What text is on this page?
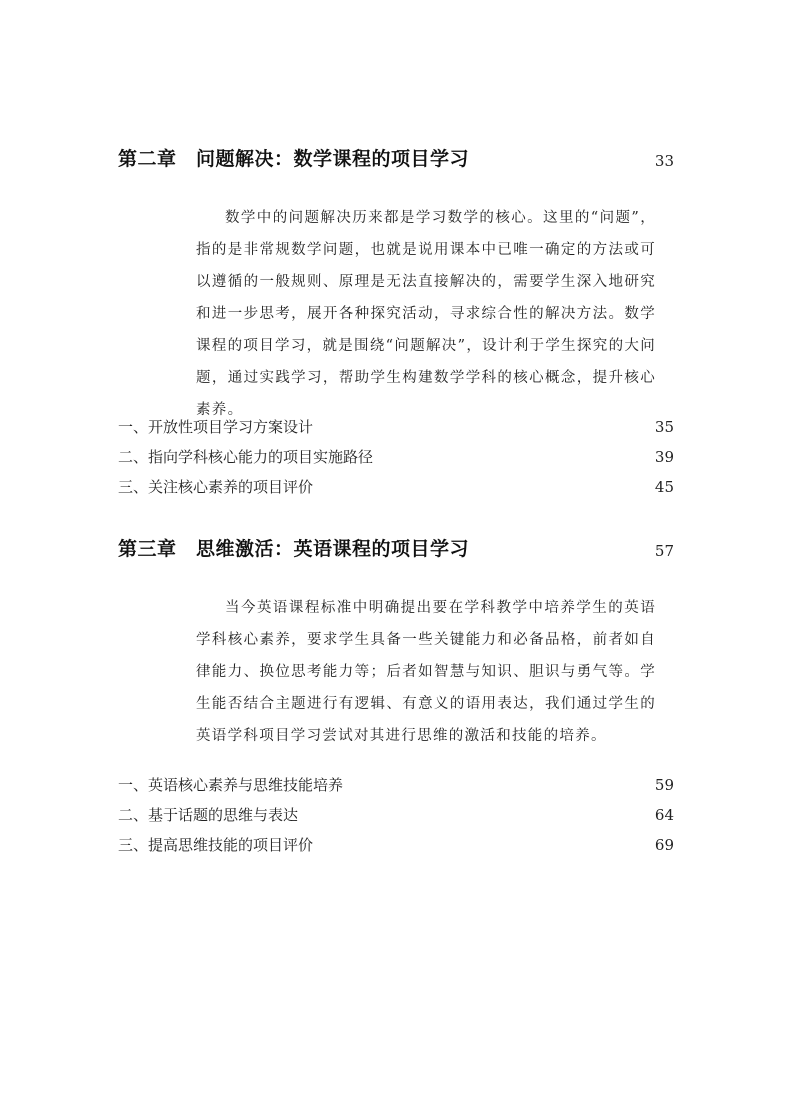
第二章　问题解决：数学课程的项目学习	33

数学中的问题解决历来都是学习数学的核心。这里的“问题”，指的是非常规数学问题，也就是说用课本中已唯一确定的方法或可以遵循的一般规则、原理是无法直接解决的，需要学生深入地研究和进一步思考，展开各种探究活动，寻求综合性的解决方法。数学课程的项目学习，就是围绕“问题解决”，设计利于学生探究的大问题，通过实践学习，帮助学生构建数学学科的核心概念，提升核心素养。

一、开放性项目学习方案设计	35
二、指向学科核心能力的项目实施路径	39
三、关注核心素养的项目评价	45
第三章　思维激活：英语课程的项目学习	57

当今英语课程标准中明确提出要在学科教学中培养学生的英语学科核心素养，要求学生具备一些关键能力和必备品格，前者如自律能力、换位思考能力等；后者如智慧与知识、胆识与勇气等。学生能否结合主题进行有逻辑、有意义的语用表达，我们通过学生的英语学科项目学习尝试对其进行思维的激活和技能的培养。

一、英语核心素养与思维技能培养	59
二、基于话题的思维与表达	64
三、提高思维技能的项目评价	69
